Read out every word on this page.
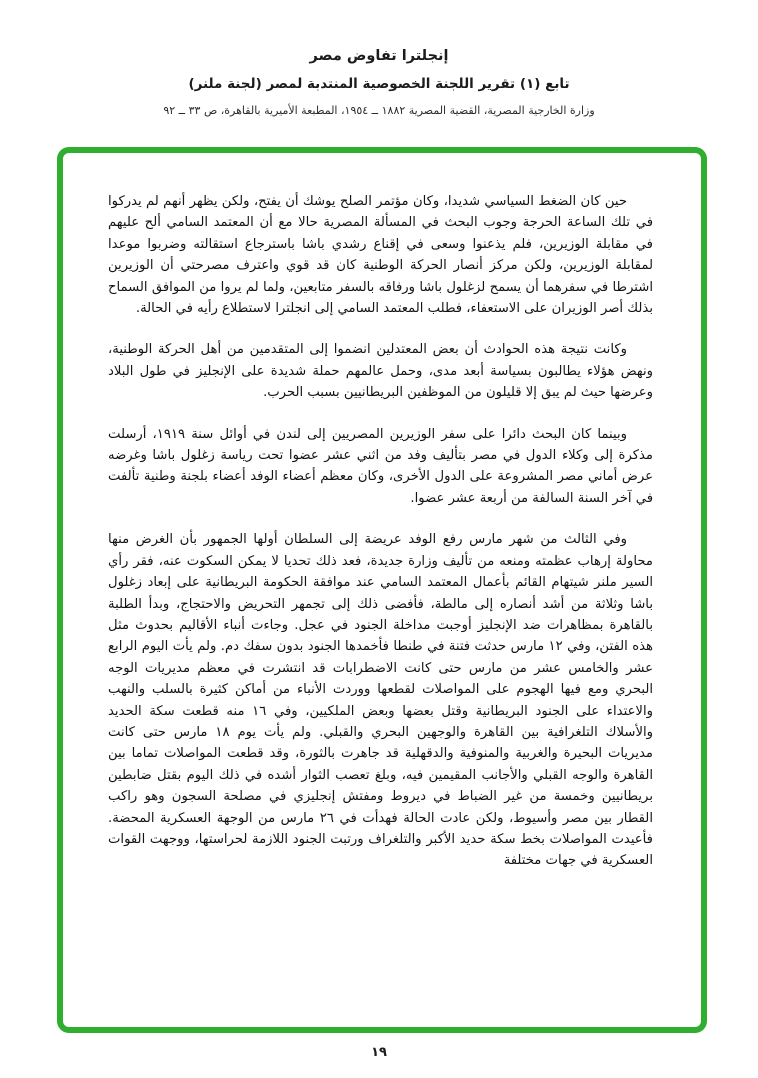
إنجلترا تفاوض مصر
تابع (١) تقرير اللجنة الخصوصية المنتدبة لمصر (لجنة ملنر)
وزارة الخارجية المصرية، القضية المصرية ١٨٨٢ ــ ١٩٥٤، المطبعة الأميرية بالقاهرة، ص ٣٣ ــ ٩٢

حين كان الضغط السياسي شديدا، وكان مؤتمر الصلح يوشك أن يفتح، ولكن يظهر أنهم لم يدركوا في تلك الساعة الحرجة وجوب البحث في المسألة المصرية حالا مع أن المعتمد السامي ألح عليهم في مقابلة الوزيرين، فلم يذعنوا وسعى في إقناع رشدي باشا باسترجاع استقالته وضربوا موعدا لمقابلة الوزيرين، ولكن مركز أنصار الحركة الوطنية كان قد قوي واعترف مصرحتي أن الوزيرين اشترطا في سفرهما أن يسمح لزغلول باشا ورفاقه بالسفر متابعين، ولما لم يروا من الموافق السماح بذلك أصر الوزيران على الاستعفاء، فطلب المعتمد السامي إلى انجلترا لاستطلاع رأيه في الحالة.

وكانت نتيجة هذه الحوادث أن بعض المعتدلين انضموا إلى المتقدمين من أهل الحركة الوطنية، ونهض هؤلاء يطالبون بسياسة أبعد مدى، وحمل عالمهم حملة شديدة على الإنجليز في طول البلاد وعرضها حيث لم يبق إلا قليلون من الموظفين البريطانيين بسبب الحرب.

وبينما كان البحث دائرا على سفر الوزيرين المصريين إلى لندن في أوائل سنة ١٩١٩، أرسلت مذكرة إلى وكلاء الدول في مصر بتأليف وفد من اثني عشر عضوا تحت رياسة زغلول باشا وغرضه عرض أماني مصر المشروعة على الدول الأخرى، وكان معظم أعضاء الوفد أعضاء بلجنة وطنية تألفت في آخر السنة السالفة من أربعة عشر عضوا.

وفي الثالث من شهر مارس رفع الوفد عريضة إلى السلطان أولها الجمهور بأن الغرض منها محاولة إرهاب عظمته ومنعه من تأليف وزارة جديدة، فعد ذلك تحديا لا يمكن السكوت عنه، فقر رأي السير ملنر شيتهام القائم بأعمال المعتمد السامي عند موافقة الحكومة البريطانية على إبعاد زغلول باشا وثلاثة من أشد أنصاره إلى مالطة، فأفضى ذلك إلى تجمهر التحريض والاحتجاج، وبدأ الطلبة بالقاهرة بمظاهرات ضد الإنجليز أوجبت مداخلة الجنود في عجل. وجاءت أنباء الأقاليم بحدوث مثل هذه الفتن، وفي ١٢ مارس حدثت فتنة في طنطا فأخمدها الجنود بدون سفك دم. ولم يأت اليوم الرابع عشر والخامس عشر من مارس حتى كانت الاضطرابات قد انتشرت في معظم مديريات الوجه البحري ومع فيها الهجوم على المواصلات لقطعها ووردت الأنباء من أماكن كثيرة بالسلب والنهب والاعتداء على الجنود البريطانية وقتل بعضها وبعض الملكيين، وفي ١٦ منه قطعت سكة الحديد والأسلاك التلغرافية بين القاهرة والوجهين البحري والقبلي. ولم يأت يوم ١٨ مارس حتى كانت مديريات البحيرة والغربية والمنوفية والدقهلية قد جاهرت بالثورة، وقد قطعت المواصلات تماما بين القاهرة والوجه القبلي والأجانب المقيمين فيه، وبلغ تعصب الثوار أشده في ذلك اليوم بقتل ضابطين بريطانيين وخمسة من غير الضباط في ديروط ومفتش إنجليزي في مصلحة السجون وهو راكب القطار بين مصر وأسيوط، ولكن عادت الحالة فهدأت في ٢٦ مارس من الوجهة العسكرية المحضة. فأعيدت المواصلات بخط سكة حديد الأكبر والتلغراف ورتبت الجنود اللازمة لحراستها، ووجهت القوات العسكرية في جهات مختلفة

١٩
